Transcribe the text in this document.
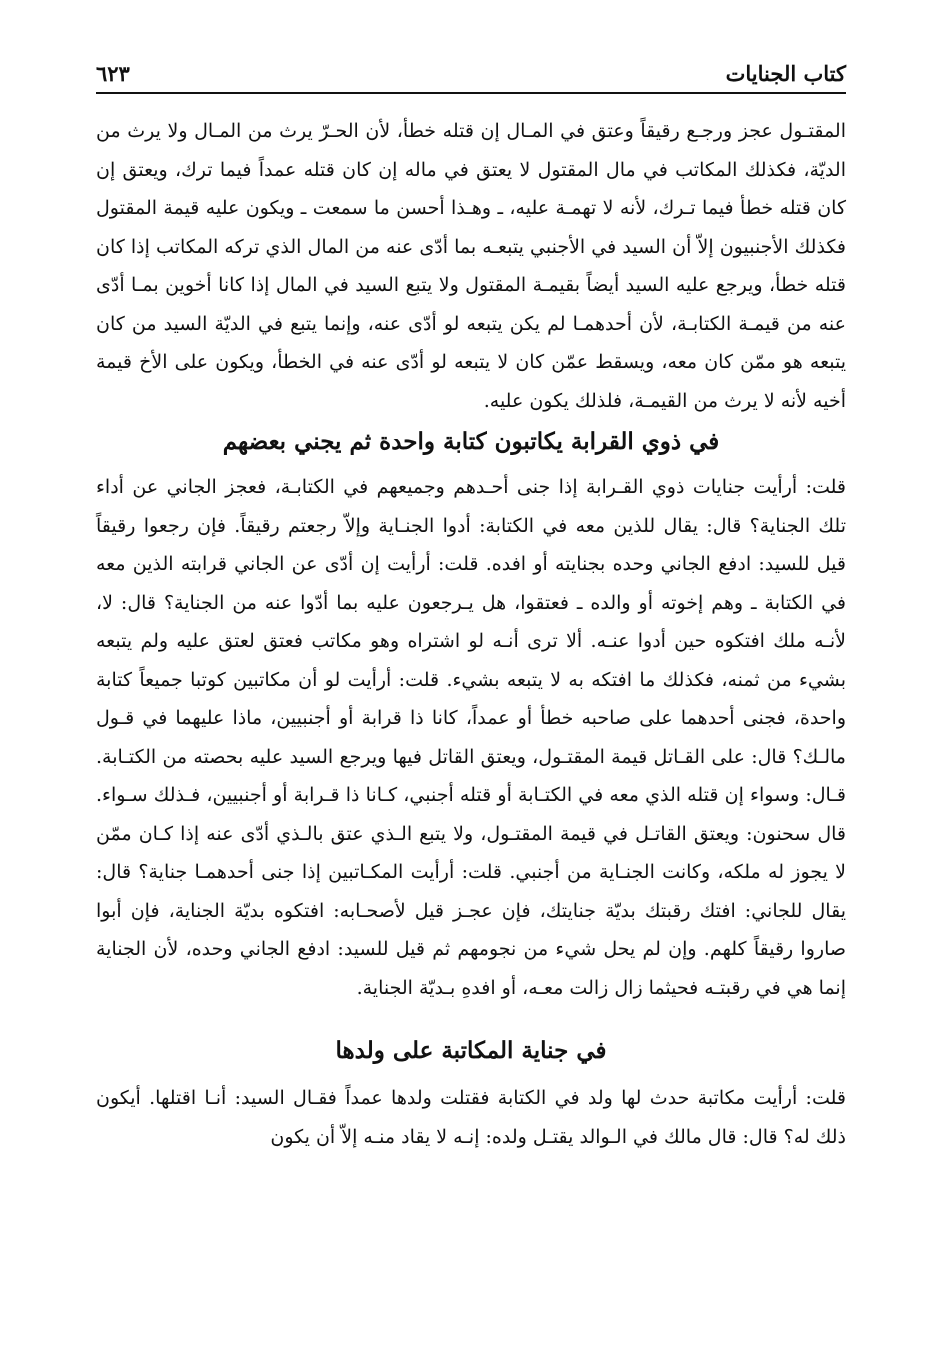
كتاب الجنايات
٦٢٣

المقتـول عجز ورجـع رقيقاً وعتق في المـال إن قتله خطأ، لأن الحـرّ يرث من المـال ولا يرث من الديّة، فكذلك المكاتب في مال المقتول لا يعتق في ماله إن كان قتله عمداً فيما ترك، ويعتق إن كان قتله خطأ فيما تـرك، لأنه لا تهمـة عليه، ـ وهـذا أحسن ما سمعت ـ ويكون عليه قيمة المقتول فكذلك الأجنبيون إلاّ أن السيد في الأجنبي يتبعـه بما أدّى عنه من المال الذي تركه المكاتب إذا كان قتله خطأ، ويرجع عليه السيد أيضاً بقيمـة المقتول ولا يتبع السيد في المال إذا كانا أخوين بمـا أدّى عنه من قيمـة الكتابـة، لأن أحدهمـا لم يكن يتبعه لو أدّى عنه، وإنما يتبع في الديّة السيد من كان يتبعه هو ممّن كان معه، ويسقط عمّن كان لا يتبعه لو أدّى عنه في الخطأ، ويكون على الأخ قيمة أخيه لأنه لا يرث من القيمـة، فلذلك يكون عليه.

في ذوي القرابة يكاتبون كتابة واحدة ثم يجني بعضهم

قلت: أرأيت جنايات ذوي القـرابة إذا جنى أحـدهم وجميعهم في الكتابـة، فعجز الجاني عن أداء تلك الجناية؟ قال: يقال للذين معه في الكتابة: أدوا الجنـاية وإلاّ رجعتم رقيقاً. فإن رجعوا رقيقاً قيل للسيد: ادفع الجاني وحده بجنايته أو افده. قلت: أرأيت إن أدّى عن الجاني قرابته الذين معه في الكتابة ـ وهم إخوته أو والده ـ فعتقوا، هل يـرجعون عليه بما أدّوا عنه من الجناية؟ قال: لا، لأنـه ملك افتكوه حين أدوا عنـه. ألا ترى أنـه لو اشتراه وهو مكاتب فعتق لعتق عليه ولم يتبعه بشيء من ثمنه، فكذلك ما افتكه به لا يتبعه بشيء. قلت: أرأيت لو أن مكاتبين كوتبا جميعاً كتابة واحدة، فجنى أحدهما على صاحبه خطأ أو عمداً، كانا ذا قرابة أو أجنبيين، ماذا عليهما في قـول مالـك؟ قال: على القـاتل قيمة المقتـول، ويعتق القاتل فيها ويرجع السيد عليه بحصته من الكتـابة. قـال: وسواء إن قتله الذي معه في الكتـابة أو قتله أجنبي، كـانا ذا قـرابة أو أجنبيين، فـذلك سـواء. قال سحنون: ويعتق القاتـل في قيمة المقتـول، ولا يتبع الـذي عتق بالـذي أدّى عنه إذا كـان ممّن لا يجوز له ملكه، وكانت الجنـاية من أجنبي. قلت: أرأيت المكـاتبين إذا جنى أحدهمـا جناية؟ قال: يقال للجاني: افتك رقبتك بديّة جنايتك، فإن عجـز قيل لأصحـابه: افتكوه بديّة الجناية، فإن أبوا صاروا رقيقاً كلهم. وإن لم يحل شيء من نجومهم ثم قيل للسيد: ادفع الجاني وحده، لأن الجناية إنما هي في رقبتـه فحيثما زال زالت معـه، أو افدهِ بـديّة الجناية.

في جناية المكاتبة على ولدها

قلت: أرأيت مكاتبة حدث لها ولد في الكتابة فقتلت ولدها عمداً فقـال السيد: أنـا اقتلها. أيكون ذلك له؟ قال: قال مالك في الـوالد يقتـل ولده: إنـه لا يقاد منـه إلاّ أن يكون
